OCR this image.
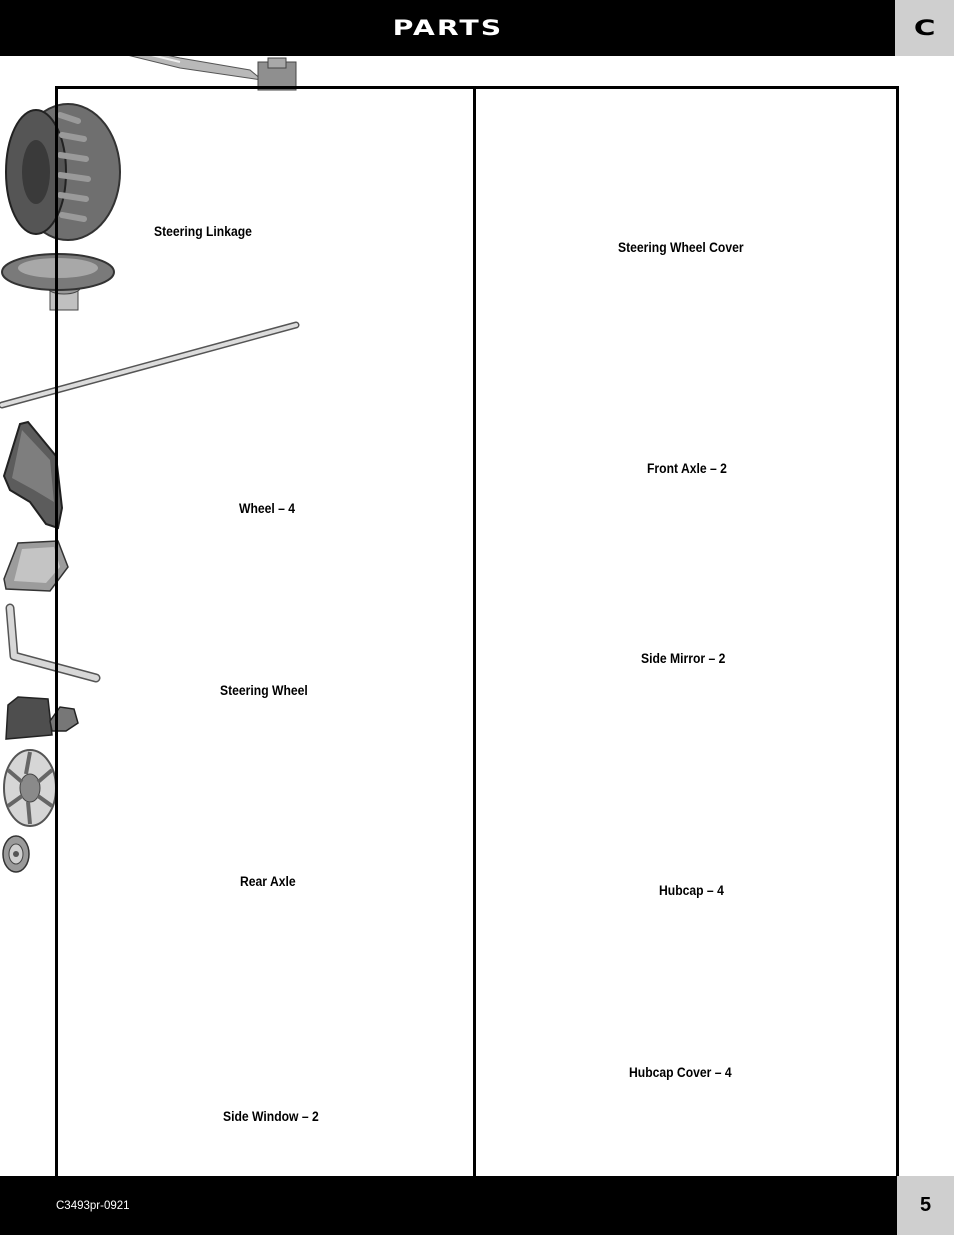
PARTS	C
Steering Linkage
Wheel – 4
Steering Wheel
Rear Axle
Side Window – 2
Steering Wheel Cover
Front Axle – 2
Side Mirror – 2
Hubcap – 4
Hubcap Cover – 4
C3493pr-0921	5
